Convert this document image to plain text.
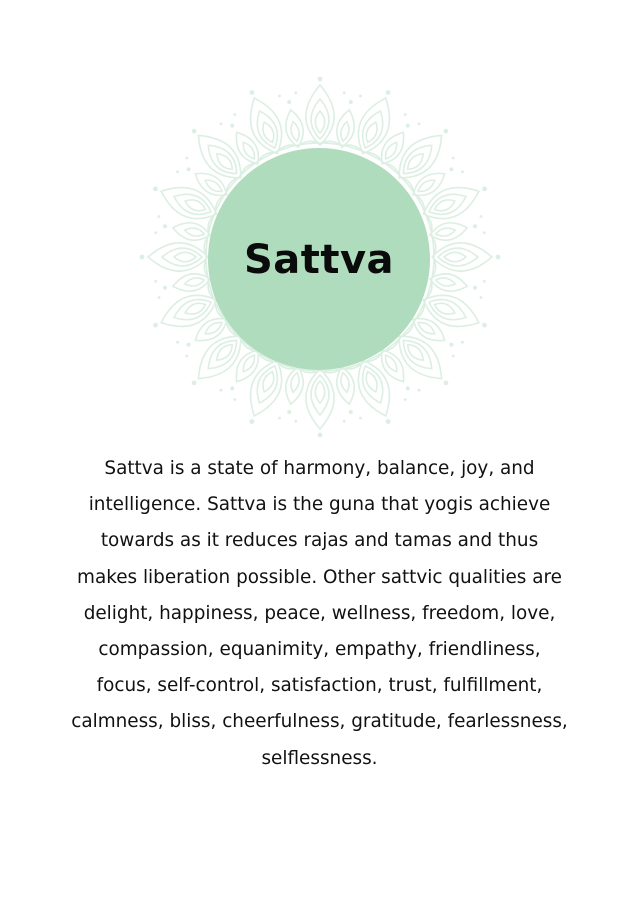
Sattva

Sattva is a state of harmony, balance, joy, and intelligence. Sattva is the guna that yogis achieve towards as it reduces rajas and tamas and thus makes liberation possible. Other sattvic qualities are delight, happiness, peace, wellness, freedom, love, compassion, equanimity, empathy, friendliness, focus, self-control, satisfaction, trust, fulfillment, calmness, bliss, cheerfulness, gratitude, fearlessness, selflessness.
